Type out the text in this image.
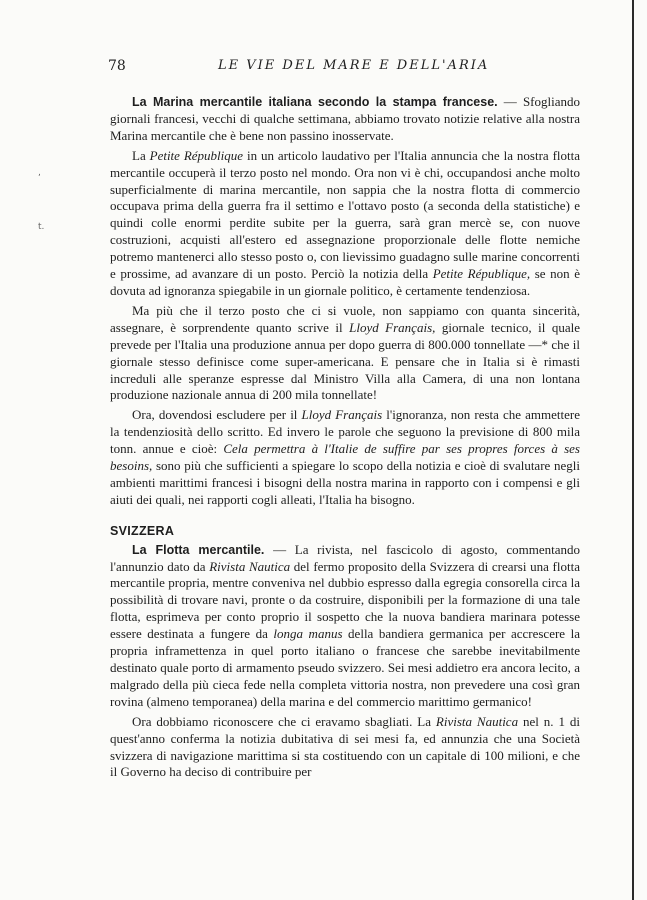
78	LE VIE DEL MARE E DELL'ARIA
,
t.

La Marina mercantile italiana secondo la stampa francese. — Sfogliando giornali francesi, vecchi di qualche settimana, abbiamo trovato notizie relative alla nostra Marina mercantile che è bene non passino inosservate.

La Petite République in un articolo laudativo per l'Italia annuncia che la nostra flotta mercantile occuperà il terzo posto nel mondo. Ora non vi è chi, occupandosi anche molto superficialmente di marina mercantile, non sappia che la nostra flotta di commercio occupava prima della guerra fra il settimo e l'ottavo posto (a seconda della statistiche) e quindi colle enormi perdite subite per la guerra, sarà gran mercè se, con nuove costruzioni, acquisti all'estero ed assegnazione proporzionale delle flotte nemiche potremo mantenerci allo stesso posto o, con lievissimo guadagno sulle marine concorrenti e prossime, ad avanzare di un posto. Perciò la notizia della Petite République, se non è dovuta ad ignoranza spiegabile in un giornale politico, è certamente tendenziosa.

Ma più che il terzo posto che ci si vuole, non sappiamo con quanta sincerità, assegnare, è sorprendente quanto scrive il Lloyd Français, giornale tecnico, il quale prevede per l'Italia una produzione annua per dopo guerra di 800.000 tonnellate —* che il giornale stesso definisce come super-americana. E pensare che in Italia si è rimasti increduli alle speranze espresse dal Ministro Villa alla Camera, di una non lontana produzione nazionale annua di 200 mila tonnellate!

Ora, dovendosi escludere per il Lloyd Français l'ignoranza, non resta che ammettere la tendenziosità dello scritto. Ed invero le parole che seguono la previsione di 800 mila tonn. annue e cioè: Cela permettra à l'Italie de suffire par ses propres forces à ses besoins, sono più che sufficienti a spiegare lo scopo della notizia e cioè di svalutare negli ambienti marittimi francesi i bisogni della nostra marina in rapporto con i compensi e gli aiuti dei quali, nei rapporti cogli alleati, l'Italia ha bisogno.

SVIZZERA

La Flotta mercantile. — La rivista, nel fascicolo di agosto, commentando l'annunzio dato da Rivista Nautica del fermo proposito della Svizzera di crearsi una flotta mercantile propria, mentre conveniva nel dubbio espresso dalla egregia consorella circa la possibilità di trovare navi, pronte o da costruire, disponibili per la formazione di una tale flotta, esprimeva per conto proprio il sospetto che la nuova bandiera marinara potesse essere destinata a fungere da longa manus della bandiera germanica per accrescere la propria inframettenza in quel porto italiano o francese che sarebbe inevitabilmente destinato quale porto di armamento pseudo svizzero. Sei mesi addietro era ancora lecito, a malgrado della più cieca fede nella completa vittoria nostra, non prevedere una così gran rovina (almeno temporanea) della marina e del commercio marittimo germanico!

Ora dobbiamo riconoscere che ci eravamo sbagliati. La Rivista Nautica nel n. 1 di quest'anno conferma la notizia dubitativa di sei mesi fa, ed annunzia che una Società svizzera di navigazione marittima si sta costituendo con un capitale di 100 milioni, e che il Governo ha deciso di contribuire per
